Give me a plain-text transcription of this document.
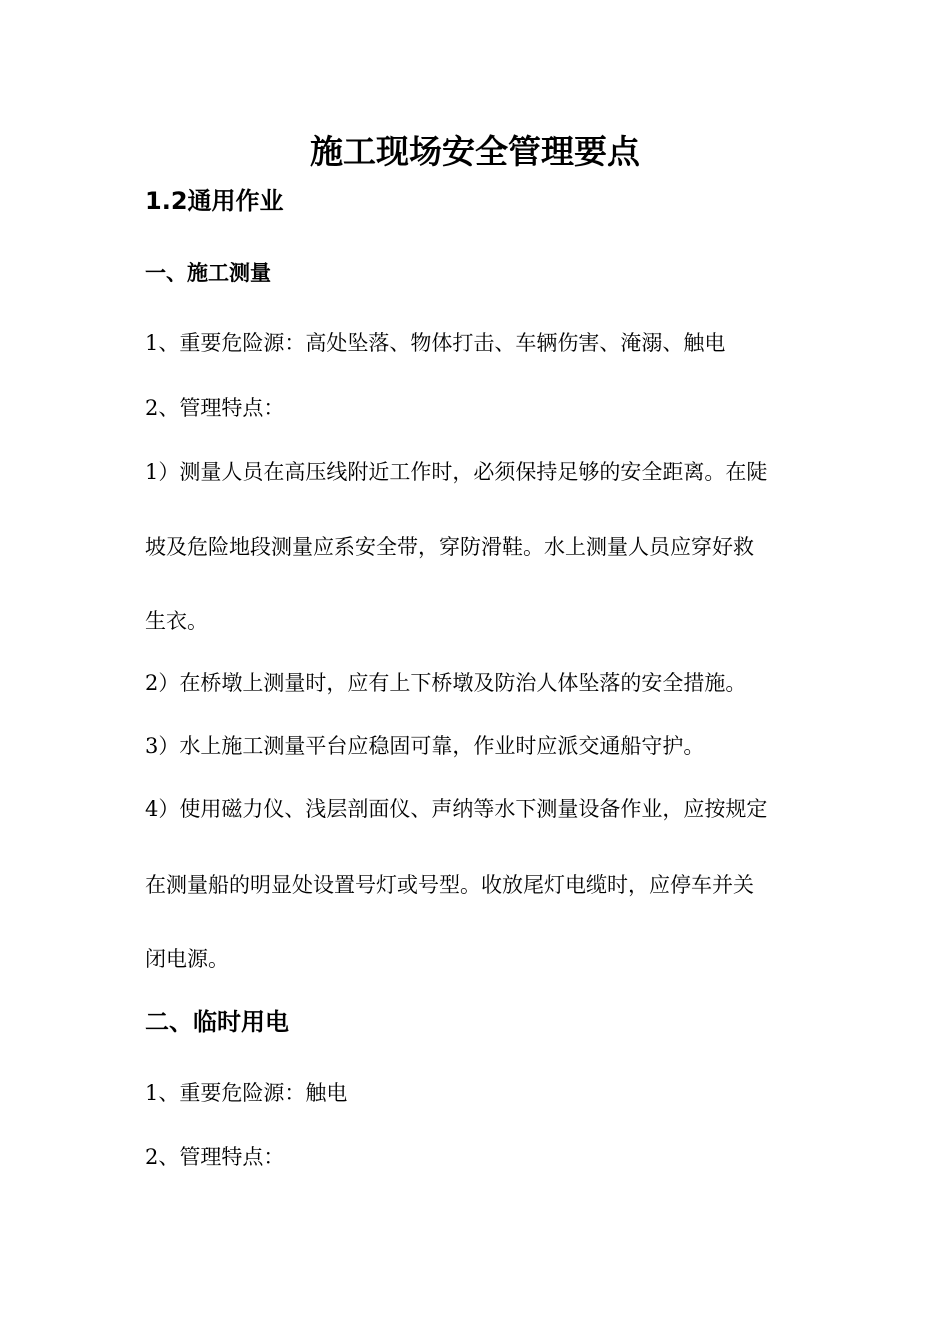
施工现场安全管理要点
1.2通用作业
一、施工测量
1、重要危险源：高处坠落、物体打击、车辆伤害、淹溺、触电
2、管理特点：
1）测量人员在高压线附近工作时，必须保持足够的安全距离。在陡
坡及危险地段测量应系安全带，穿防滑鞋。水上测量人员应穿好救
生衣。
2）在桥墩上测量时，应有上下桥墩及防治人体坠落的安全措施。
3）水上施工测量平台应稳固可靠，作业时应派交通船守护。
4）使用磁力仪、浅层剖面仪、声纳等水下测量设备作业，应按规定
在测量船的明显处设置号灯或号型。收放尾灯电缆时，应停车并关
闭电源。
二、临时用电
1、重要危险源：触电
2、管理特点：
